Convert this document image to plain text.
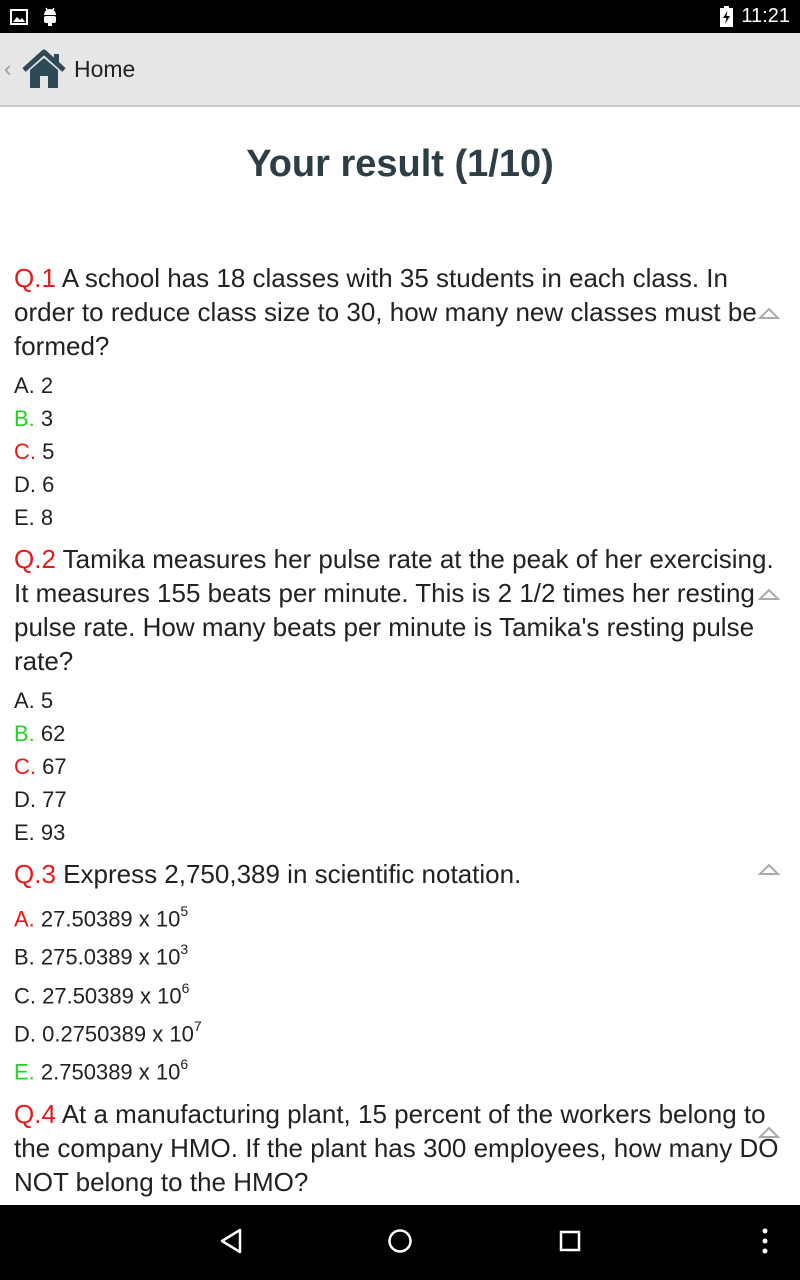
11:21
‹	Home
Your result (1/10)
Q.1 A school has 18 classes with 35 students in each class. In order to reduce class size to 30, how many new classes must be formed?
A. 2
B. 3
C. 5
D. 6
E. 8
Q.2 Tamika measures her pulse rate at the peak of her exercising. It measures 155 beats per minute. This is 2 1/2 times her resting pulse rate. How many beats per minute is Tamika's resting pulse rate?
A. 5
B. 62
C. 67
D. 77
E. 93
Q.3 Express 2,750,389 in scientific notation.
A. 27.50389 x $10^5$
B. 275.0389 x $10^3$
C. 27.50389 x $10^6$
D. 0.2750389 x $10^7$
E. 2.750389 x $10^6$
Q.4 At a manufacturing plant, 15 percent of the workers belong to the company HMO. If the plant has 300 employees, how many DO NOT belong to the HMO?
